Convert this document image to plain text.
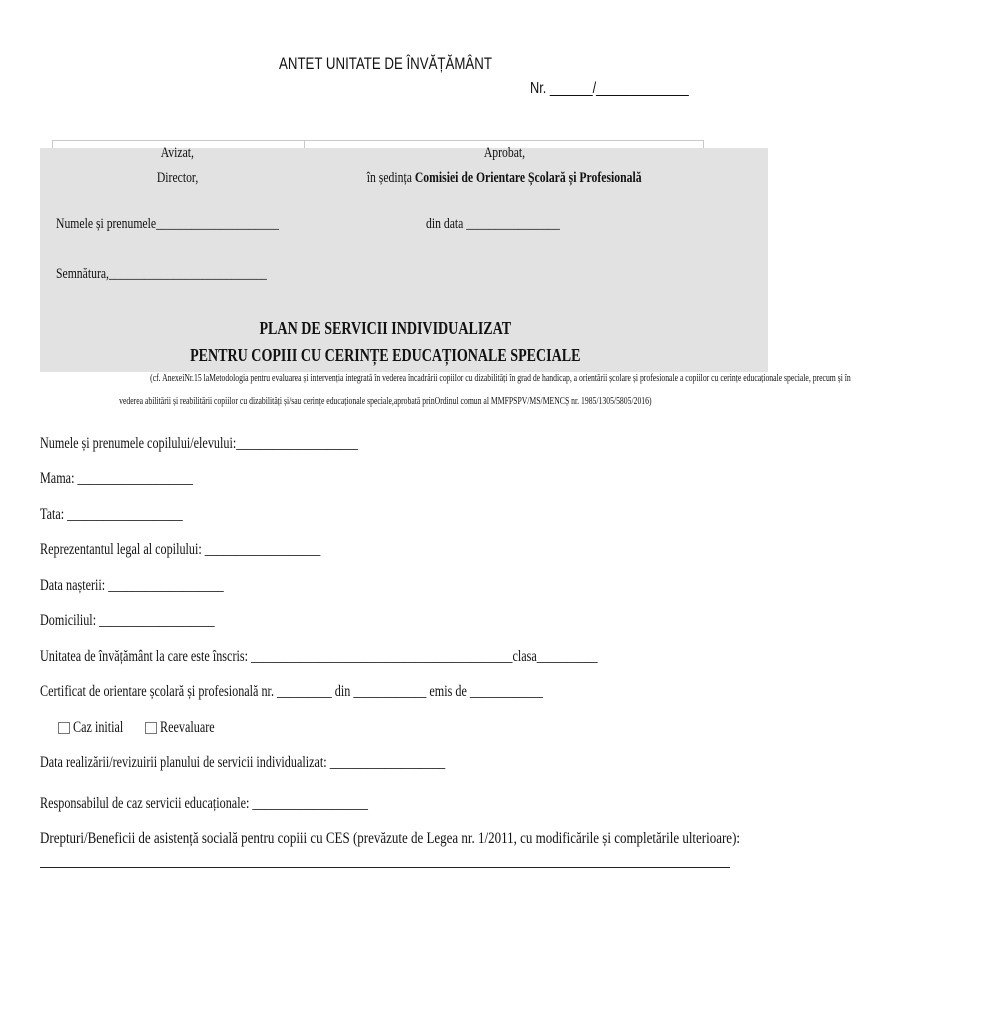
ANTET UNITATE DE ÎNVĂȚĂMÂNT
Nr. ______/_____________
Avizat,
Director,
Numele și prenumele_____________________
Semnătura,___________________________
Aprobat,
în ședința Comisiei de Orientare Școlară și Profesională
din data ________________
PLAN DE SERVICII INDIVIDUALIZAT
PENTRU COPIII CU CERINȚE EDUCAȚIONALE SPECIALE
(cf. AnexeiNr.15 laMetodologia pentru evaluarea și intervenția integrată în vederea încadrării copiilor cu dizabilități în grad de handicap, a orientării școlare și profesionale a copiilor cu cerințe educaționale speciale, precum și în
vederea abilitării și reabilitării copiilor cu dizabilități și/sau cerințe educaționale speciale,aprobată prinOrdinul comun al MMFPSPV/MS/MENCȘ nr. 1985/1305/5805/2016)
Numele și prenumele copilului/elevului:____________________
Mama: ___________________
Tata: ___________________
Reprezentantul legal al copilului: ___________________
Data nașterii: ___________________
Domiciliul: ___________________
Unitatea de învățământ la care este înscris: ___________________________________________clasa__________
Certificat de orientare școlară și profesională nr. _________ din ____________ emis de ____________
Caz initial	Reevaluare
Data realizării/revizuirii planului de servicii individualizat: ___________________
Responsabilul de caz servicii educaționale: ___________________
Drepturi/Beneficii de asistență socială pentru copiii cu CES (prevăzute de Legea nr. 1/2011, cu modificările și completările ulterioare):
